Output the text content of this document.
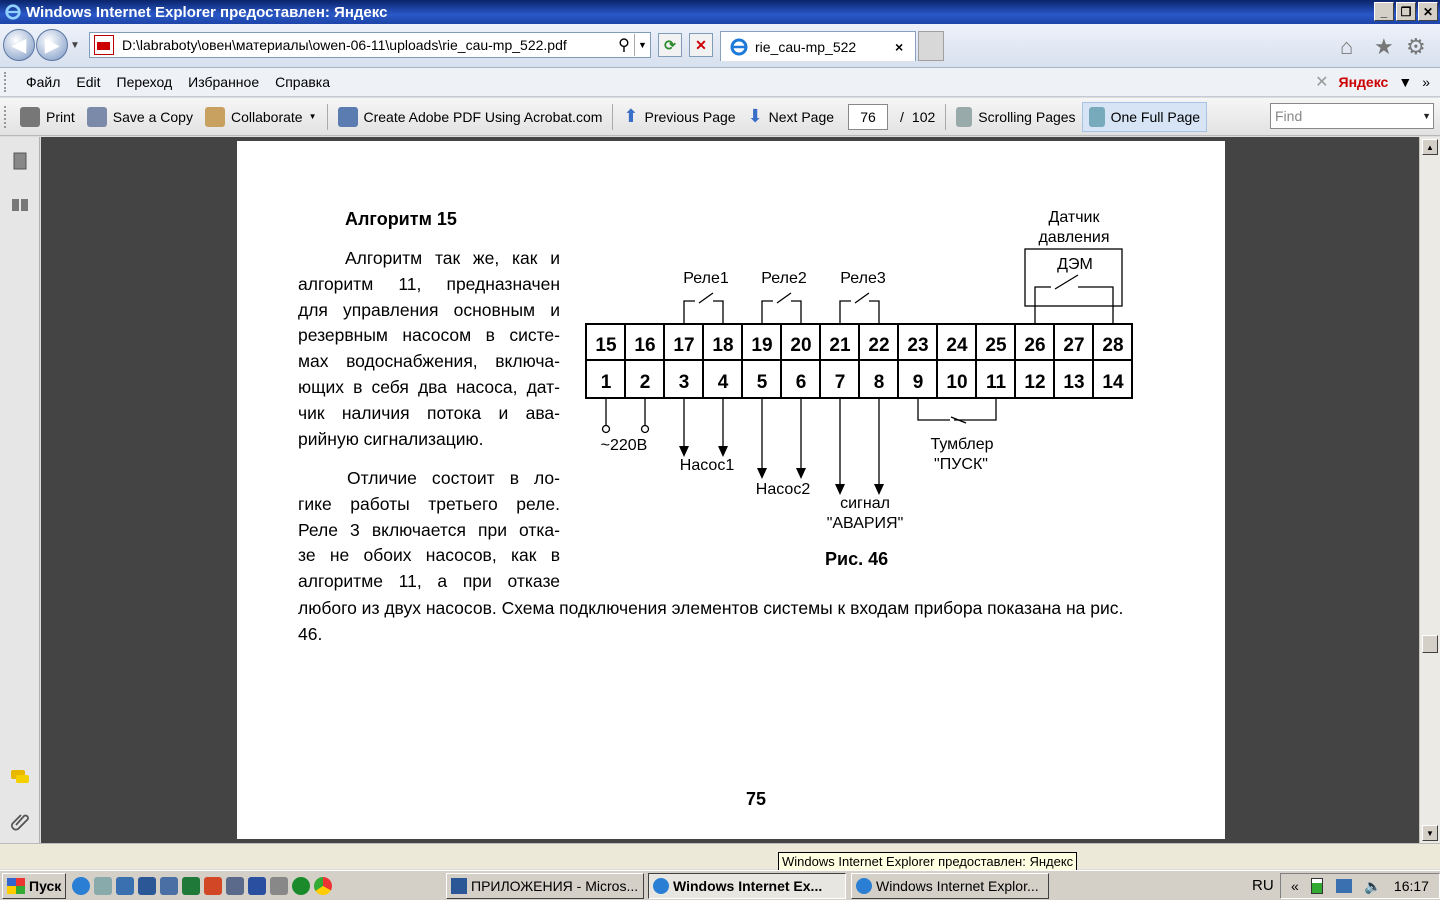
Windows Internet Explorer предоставлен: Яндекс	_	❐ ✕
◀ ▶ ▼	D:\labraboty\овен\материалы\owen-06-11\uploads\rie_cau-mp_522.pdf	⚲ ▼ ⟳ ✕	rie_cau-mp_522	×	⌂ ★ ⚙
Файл	Edit	Переход	Избранное	Справка	✕ Яндекс ▼ »
Print	Save a Copy	Collaborate ▼	Create Adobe PDF Using Acrobat.com ⬆ Previous Page ⬇ Next Page	76	/ 102	Scrolling Pages	One Full Page	Find	▼
Алгоритм 15
Алгоритм так же, как и
алгоритм 11, предназначен
для управления основным и
резервным насосом в систе-
мах водоснабжения, включа-
ющих в себя два насоса, дат-
чик наличия потока и ава-
рийную сигнализацию.
Отличие состоит в ло-
гике работы третьего реле.
Реле 3 включается при отка-
зе не обоих насосов, как в
алгоритме 11, а при отказе
любого из двух насосов. Схема подключения элементов системы к входам прибора показана на рис. 46.
15 16 17 18 19 20 21 22 23 24 25 26 27 28
1 2 3 4 5 6 7 8 9 10 11 12 13 14
Реле1 Реле2 Реле3
Датчик
давления
ДЭМ
~220В
Насос1
Насос2
сигнал
"АВАРИЯ"
Тумблер
"ПУСК"
Рис. 46
75
▲
▼
Windows Internet Explorer предоставлен: Яндекс
Пуск	ПРИЛОЖЕНИЯ - Micros... Windows Internet Ex...	Windows Internet Explor...	RU «	🔈 16:17
